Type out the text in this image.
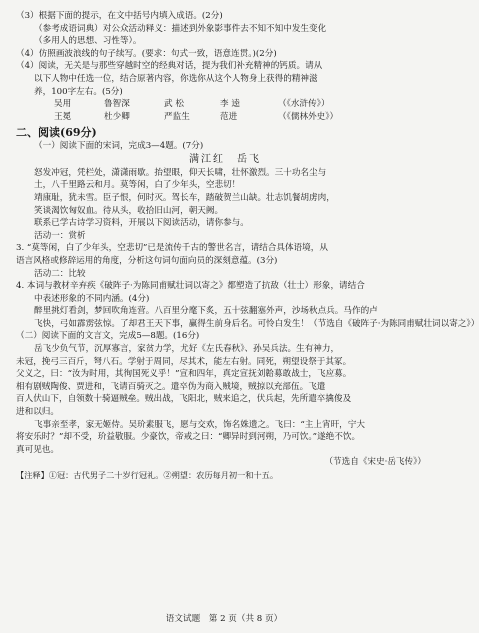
（3）根据下面的提示，在文中括号内填入成语。(2分)
（参考成语词典）对公众活动释义：描述到外象影事件去不知不知中发生变化
（多用人的思想、习性等）。
（4）仿照画波浪线的句子续写。(要求：句式一致，语意连贯。)(2分)
（4）阅读，无关是与那些穿越时空的经典对话，提为我们补充精神的钙质。请从
以下人物中任选一位，结合原著内容，你选你从这个人物身上获得的精神滋
养，100字左右。(5分)
吴用	鲁智深	武 松	李 逵	（《水浒传》）
王冕	杜少卿	严监生	范进	（《儒林外史》）
二、阅读(69分)
（一）阅读下面的宋词，完成3—4题。(7分)
满江红　岳飞
怒发冲冠，凭栏处，潇潇雨歇。抬望眼，仰天长啸，壮怀激烈。三十功名尘与
土，八千里路云和月。莫等闲，白了少年头，空悲切！
靖康耻，犹未雪。臣子恨，何时灭。驾长车，踏破贺兰山缺。壮志饥餐胡虏肉，
笑谈渴饮匈奴血。待从头，收拾旧山河，朝天阙。
联系已学古诗学习资料，开展以下阅读活动，请你参与。
活动一：赏析
3. “莫等闲，白了少年头，空悲切”已是流传千古的警世名言，请结合具体语境，从
语言风格或修辞运用的角度，分析这句词句面向员的深刻意蕴。(3分)
活动二：比较
4. 本词与教材辛弃疾《破阵子·为陈同甫赋壮词以寄之》都塑造了抗敌（壮士）形象，请结合
中表述形象的不同内涵。(4分)
醉里挑灯看剑，梦回吹角连营。八百里分麾下炙，五十弦翻塞外声，沙场秋点兵。马作的卢
飞快，弓如霹雳弦惊。了却君王天下事，赢得生前身后名。可怜白发生！（节选自《破阵子·为陈同甫赋壮词以寄之》）
（二）阅读下面的文言文，完成5—8题。(16分)
岳飞少负气节，沉厚寡言，家贫力学，尤好《左氏春秋》、孙吴兵法。生有神力，
未冠，挽弓三百斤，弩八石。学射于周同，尽其术，能左右射。同死，朔望设祭于其冢。
父义之，曰：“汝为时用，其徇国死义乎！”宣和四年，真定宣抚刘韐募敢战士，飞应募。
相有剧贼陶俊、贾进和，飞请百骑灭之。遣卒伪为商入贼境，贼掠以充部伍。飞遣
百人伏山下，自领数十骑逼贼垒。贼出战，飞阳北，贼来追之，伏兵起，先所遣卒擒俊及
进和以归。
飞事亲至孝，家无姬侍。吴玠素服飞，愿与交欢，饰名姝遗之。飞曰：“主上宵旰，宁大
将安乐时？”却不受，玠益敬服。少豪饮，帝戒之曰：“卿异时到河朔，乃可饮。”遂绝不饮。
真可见也。
（节选自《宋史·岳飞传》）
【注释】①冠：古代男子二十岁行冠礼。②朔望：农历每月初一和十五。
语文试题　第 2 页（共 8 页）
